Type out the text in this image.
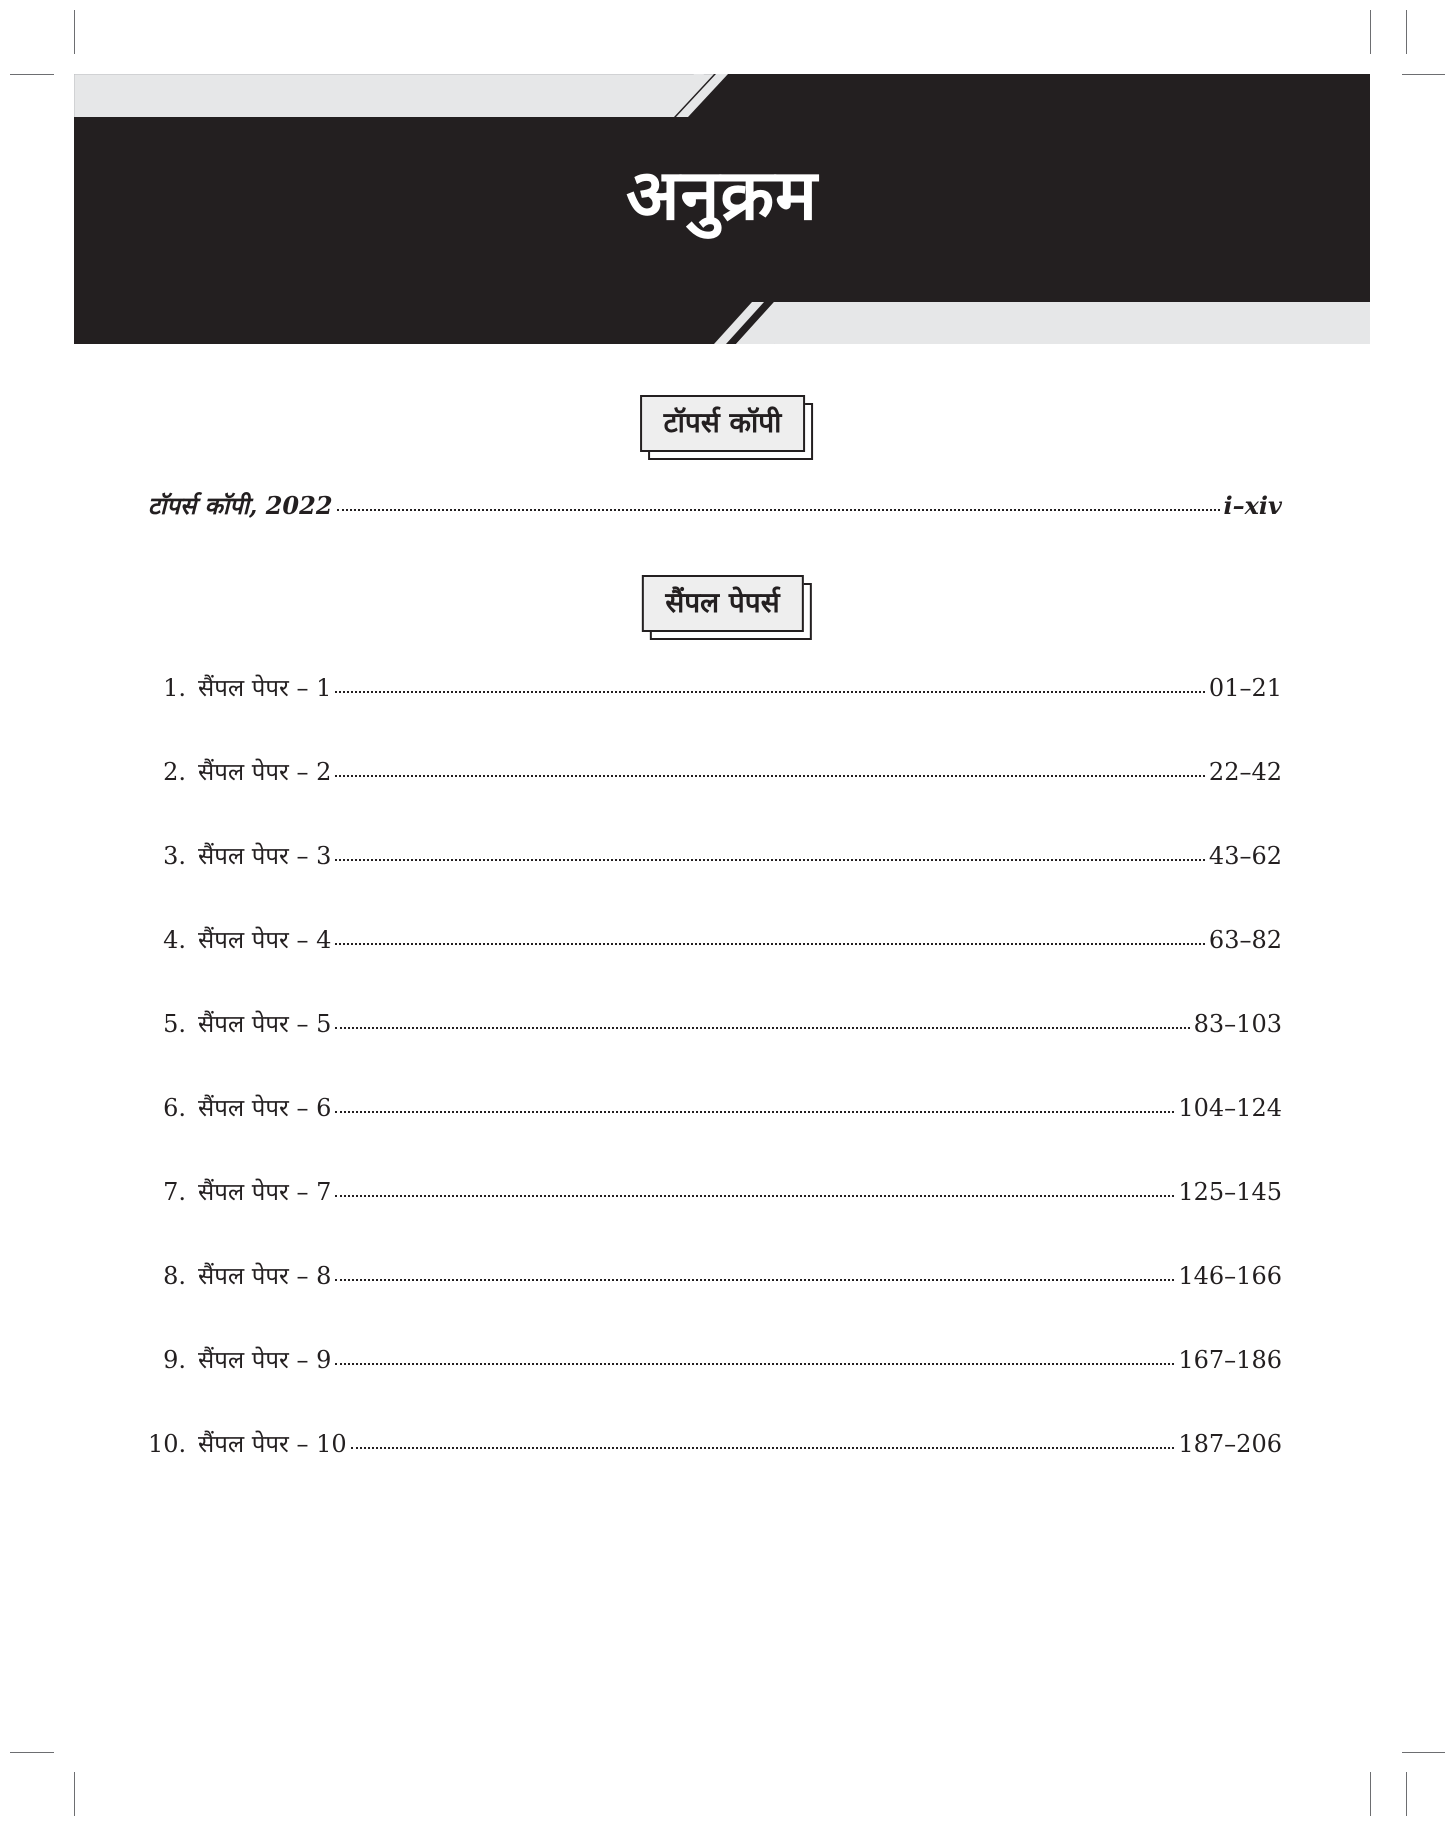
अनुक्रम
टॉपर्स कॉपी
टॉपर्स कॉपी, 2022	i–xiv
सैंपल पेपर्स
1. सैंपल पेपर – 1	01–21
2. सैंपल पेपर – 2	22–42
3. सैंपल पेपर – 3	43–62
4. सैंपल पेपर – 4	63–82
5. सैंपल पेपर – 5	83–103
6. सैंपल पेपर – 6	104–124
7. सैंपल पेपर – 7	125–145
8. सैंपल पेपर – 8	146–166
9. सैंपल पेपर – 9	167–186
10. सैंपल पेपर – 10	187–206
